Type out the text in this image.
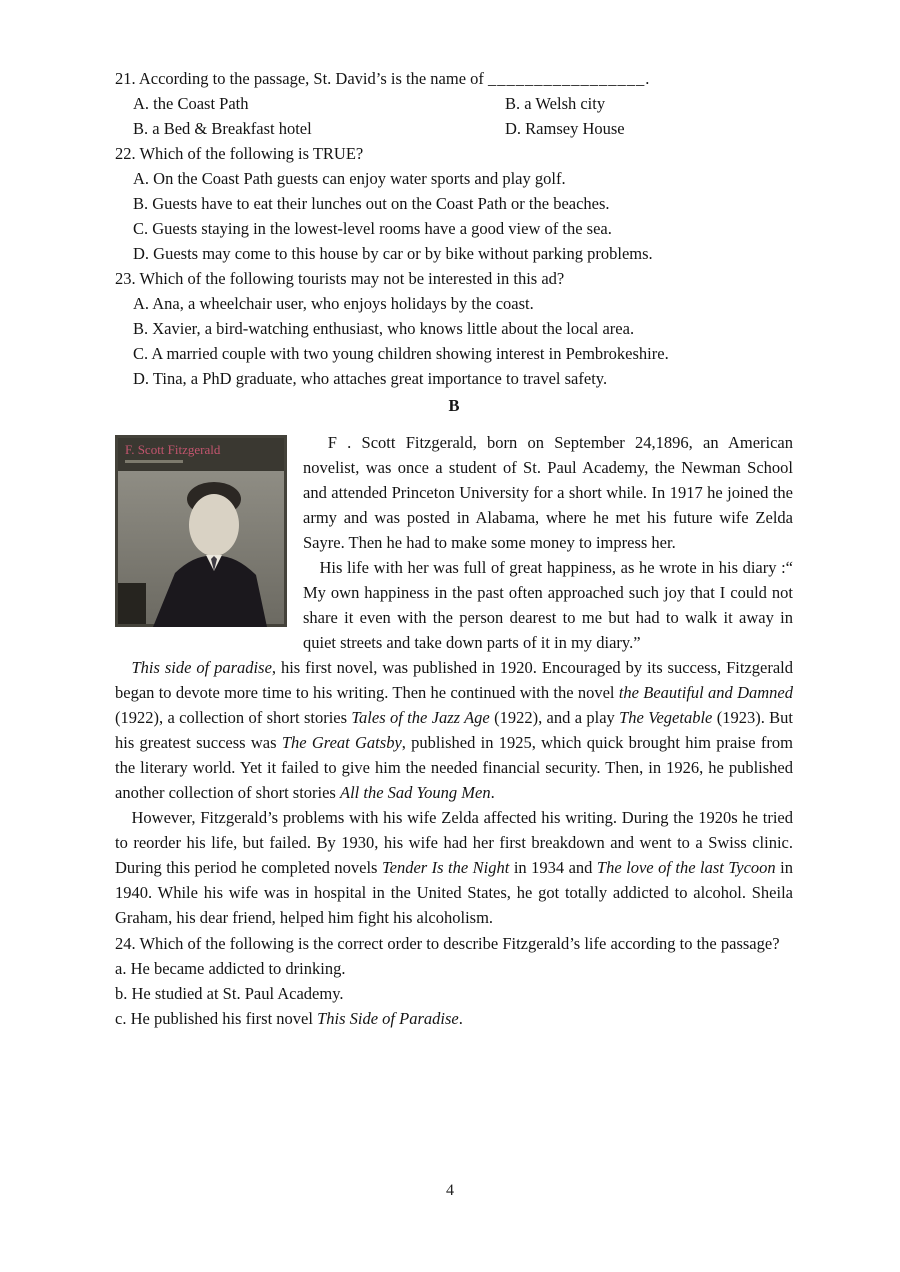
21. According to the passage, St. David’s is the name of _________________.
A. the Coast Path	B. a Welsh city
B. a Bed & Breakfast hotel	D. Ramsey House
22. Which of the following is TRUE?
A. On the Coast Path guests can enjoy water sports and play golf.
B. Guests have to eat their lunches out on the Coast Path or the beaches.
C. Guests staying in the lowest-level rooms have a good view of the sea.
D. Guests may come to this house by car or by bike without parking problems.
23. Which of the following tourists may not be interested in this ad?
A. Ana, a wheelchair user, who enjoys holidays by the coast.
B. Xavier, a bird-watching enthusiast, who knows little about the local area.
C. A married couple with two young children showing interest in Pembrokeshire.
D. Tina, a PhD graduate, who attaches great importance to travel safety.
B
F. Scott Fitzgerald	F . Scott Fitzgerald, born on September 24,1896, an American novelist, was once a student of St. Paul Academy, the Newman School and attended Princeton University for a short while. In 1917 he joined the army and was posted in Alabama, where he met his future wife Zelda Sayre. Then he had to make some money to impress her.

His life with her was full of great happiness, as he wrote in his diary :“ My own happiness in the past often approached such joy that I could not share it even with the person dearest to me but had to walk it away in quiet streets and take down parts of it in my diary.”

This side of paradise, his first novel, was published in 1920. Encouraged by its success, Fitzgerald began to devote more time to his writing. Then he continued with the novel the Beautiful and Damned (1922), a collection of short stories Tales of the Jazz Age (1922), and a play The Vegetable (1923). But his greatest success was The Great Gatsby, published in 1925, which quick brought him praise from the literary world. Yet it failed to give him the needed financial security. Then, in 1926, he published another collection of short stories All the Sad Young Men.

However, Fitzgerald’s problems with his wife Zelda affected his writing. During the 1920s he tried to reorder his life, but failed. By 1930, his wife had her first breakdown and went to a Swiss clinic. During this period he completed novels Tender Is the Night in 1934 and The love of the last Tycoon in 1940. While his wife was in hospital in the United States, he got totally addicted to alcohol. Sheila Graham, his dear friend, helped him fight his alcoholism.

24. Which of the following is the correct order to describe Fitzgerald’s life according to the passage?
a. He became addicted to drinking.
b. He studied at St. Paul Academy.
c. He published his first novel This Side of Paradise.
4
